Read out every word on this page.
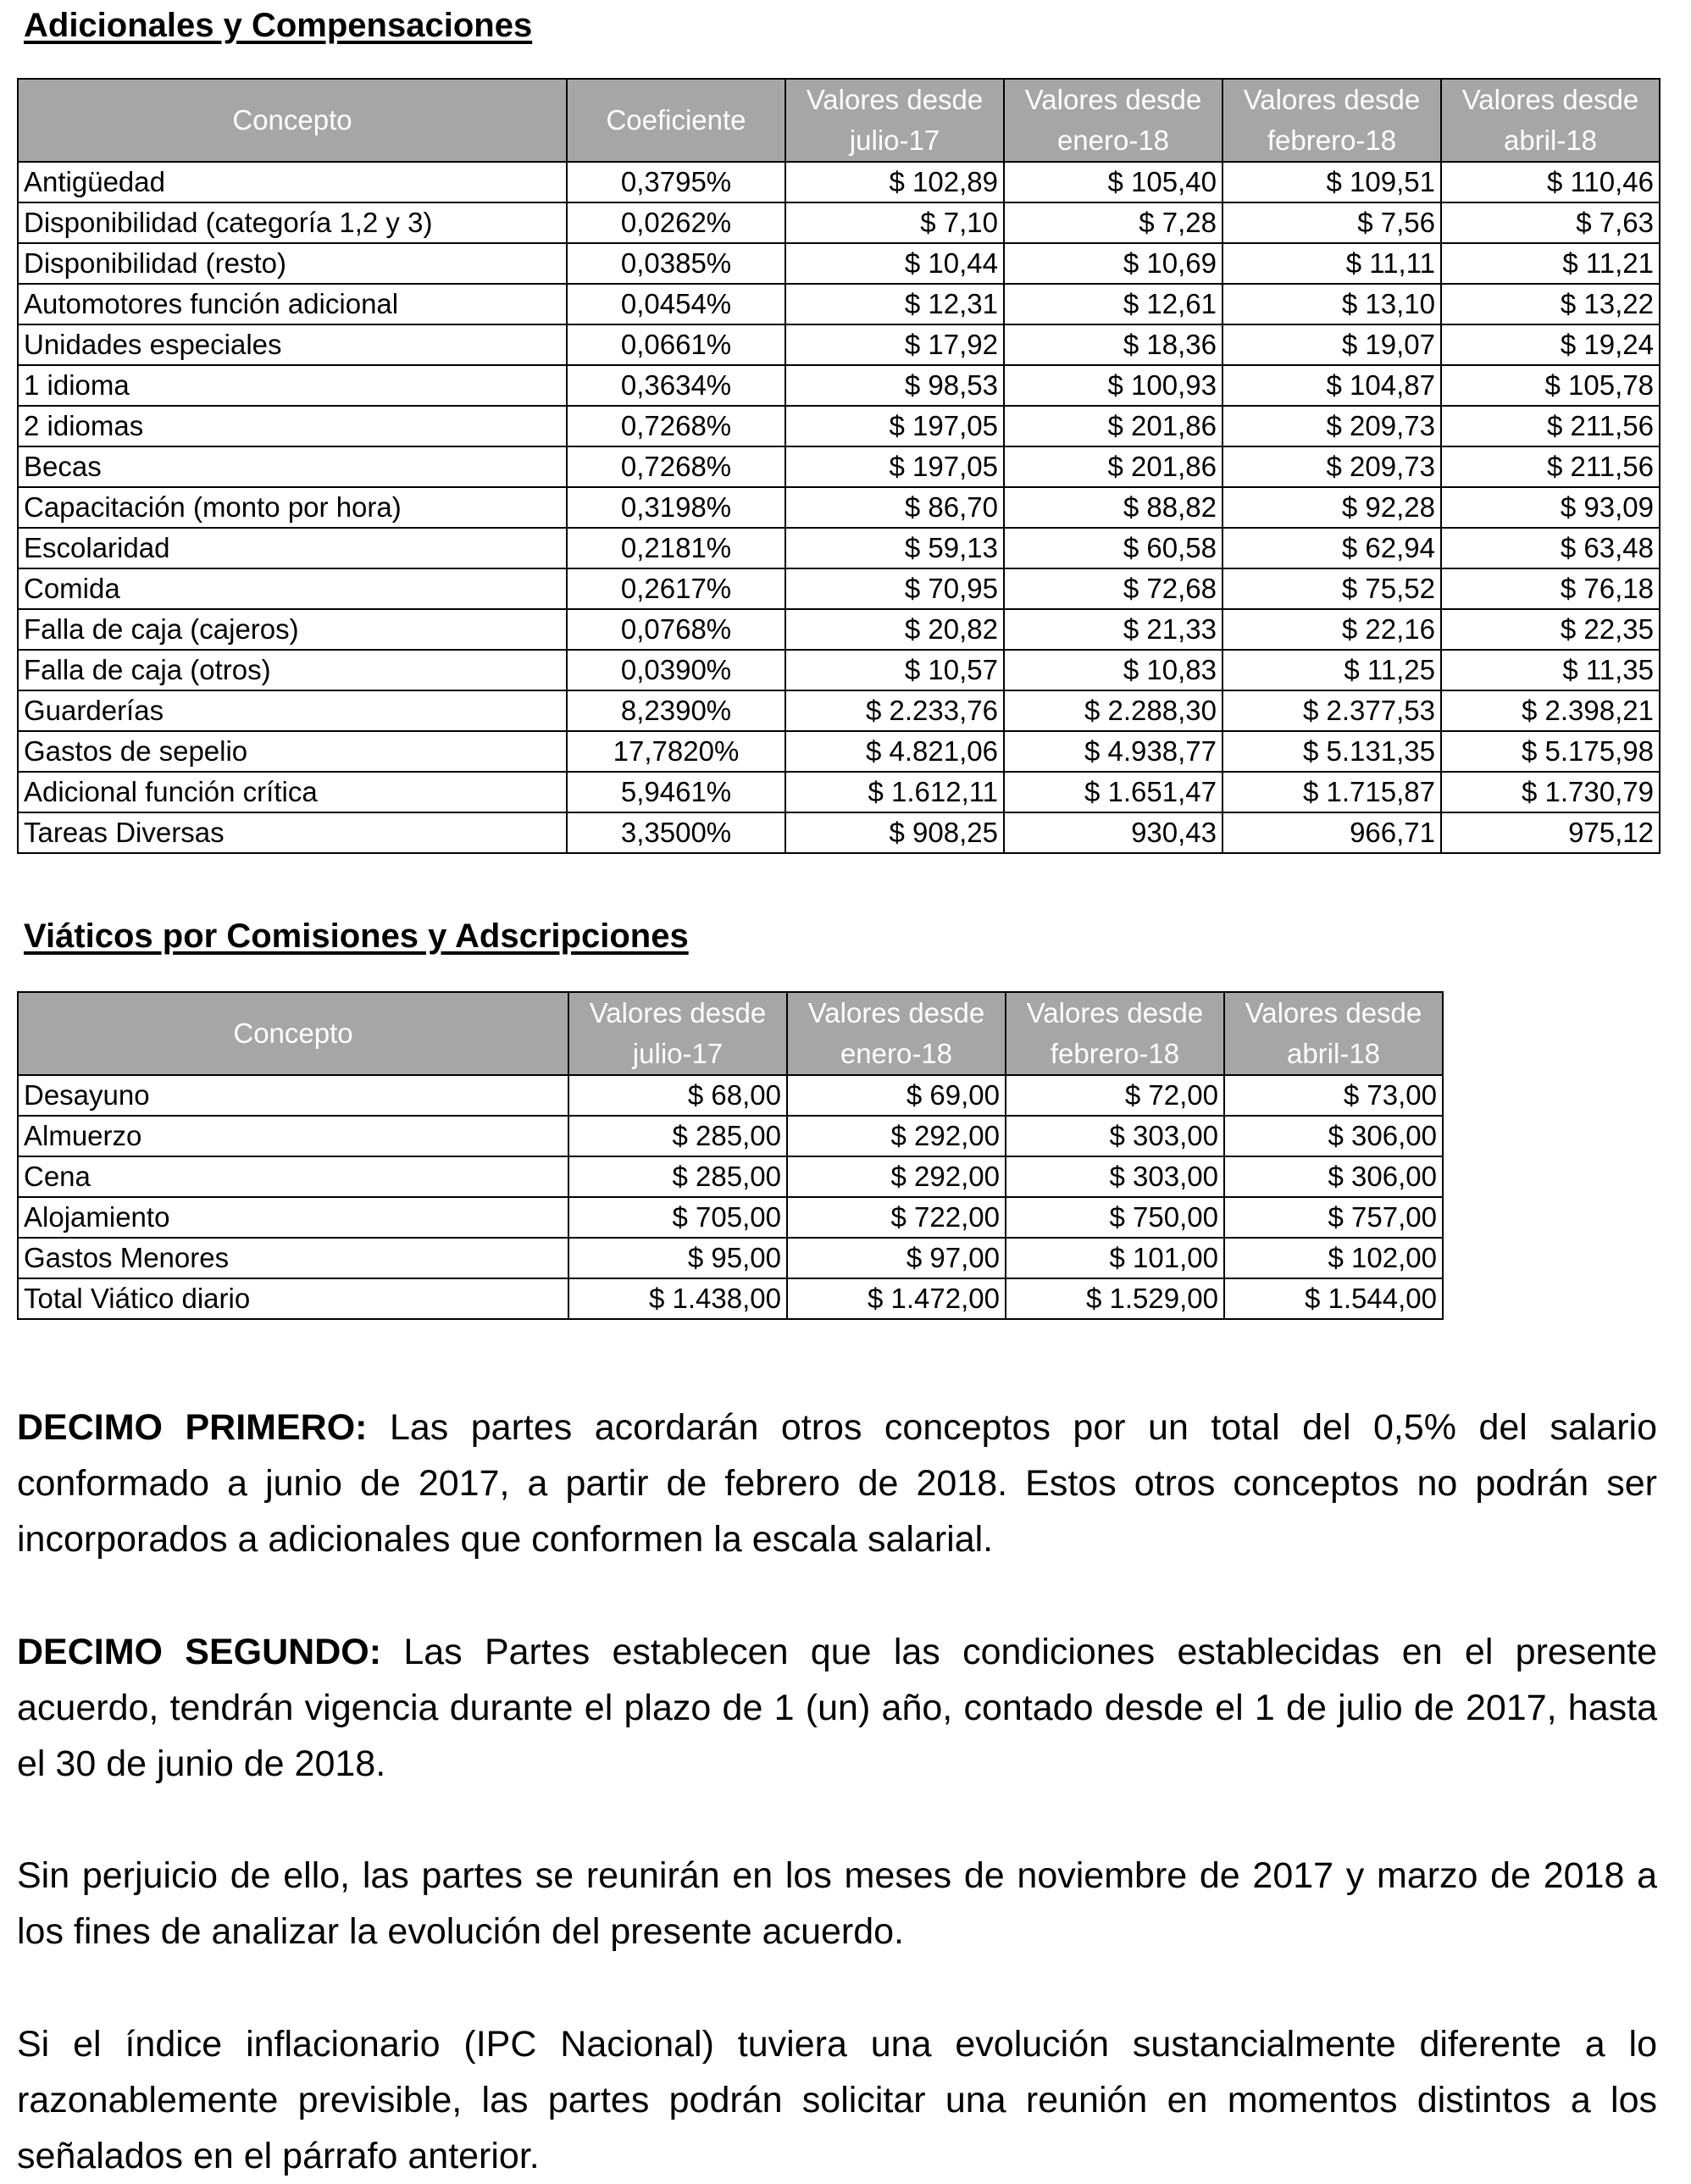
Adicionales y Compensaciones
Concepto	Coeficiente	Valores desde julio-17	Valores desde enero-18	Valores desde febrero-18	Valores desde abril-18
Antigüedad	0,3795%	$ 102,89	$ 105,40	$ 109,51	$ 110,46
Disponibilidad (categoría 1,2 y 3)	0,0262%	$ 7,10	$ 7,28	$ 7,56	$ 7,63
Disponibilidad (resto)	0,0385%	$ 10,44	$ 10,69	$ 11,11	$ 11,21
Automotores función adicional	0,0454%	$ 12,31	$ 12,61	$ 13,10	$ 13,22
Unidades especiales	0,0661%	$ 17,92	$ 18,36	$ 19,07	$ 19,24
1 idioma	0,3634%	$ 98,53	$ 100,93	$ 104,87	$ 105,78
2 idiomas	0,7268%	$ 197,05	$ 201,86	$ 209,73	$ 211,56
Becas	0,7268%	$ 197,05	$ 201,86	$ 209,73	$ 211,56
Capacitación (monto por hora)	0,3198%	$ 86,70	$ 88,82	$ 92,28	$ 93,09
Escolaridad	0,2181%	$ 59,13	$ 60,58	$ 62,94	$ 63,48
Comida	0,2617%	$ 70,95	$ 72,68	$ 75,52	$ 76,18
Falla de caja (cajeros)	0,0768%	$ 20,82	$ 21,33	$ 22,16	$ 22,35
Falla de caja (otros)	0,0390%	$ 10,57	$ 10,83	$ 11,25	$ 11,35
Guarderías	8,2390%	$ 2.233,76	$ 2.288,30	$ 2.377,53	$ 2.398,21
Gastos de sepelio	17,7820%	$ 4.821,06	$ 4.938,77	$ 5.131,35	$ 5.175,98
Adicional función crítica	5,9461%	$ 1.612,11	$ 1.651,47	$ 1.715,87	$ 1.730,79
Tareas Diversas	3,3500%	$ 908,25	930,43	966,71	975,12
Viáticos por Comisiones y Adscripciones
Concepto	Valores desde julio-17	Valores desde enero-18	Valores desde febrero-18	Valores desde abril-18
Desayuno	$ 68,00	$ 69,00	$ 72,00	$ 73,00
Almuerzo	$ 285,00	$ 292,00	$ 303,00	$ 306,00
Cena	$ 285,00	$ 292,00	$ 303,00	$ 306,00
Alojamiento	$ 705,00	$ 722,00	$ 750,00	$ 757,00
Gastos Menores	$ 95,00	$ 97,00	$ 101,00	$ 102,00
Total Viático diario	$ 1.438,00	$ 1.472,00	$ 1.529,00	$ 1.544,00

DECIMO PRIMERO: Las partes acordarán otros conceptos por un total del 0,5% del salario conformado a junio de 2017, a partir de febrero de 2018. Estos otros conceptos no podrán ser incorporados a adicionales que conformen la escala salarial.

DECIMO SEGUNDO: Las Partes establecen que las condiciones establecidas en el presente acuerdo, tendrán vigencia durante el plazo de 1 (un) año, contado desde el 1 de julio de 2017, hasta el 30 de junio de 2018.

Sin perjuicio de ello, las partes se reunirán en los meses de noviembre de 2017 y marzo de 2018 a los fines de analizar la evolución del presente acuerdo.

Si el índice inflacionario (IPC Nacional) tuviera una evolución sustancialmente diferente a lo razonablemente previsible, las partes podrán solicitar una reunión en momentos distintos a los señalados en el párrafo anterior.
